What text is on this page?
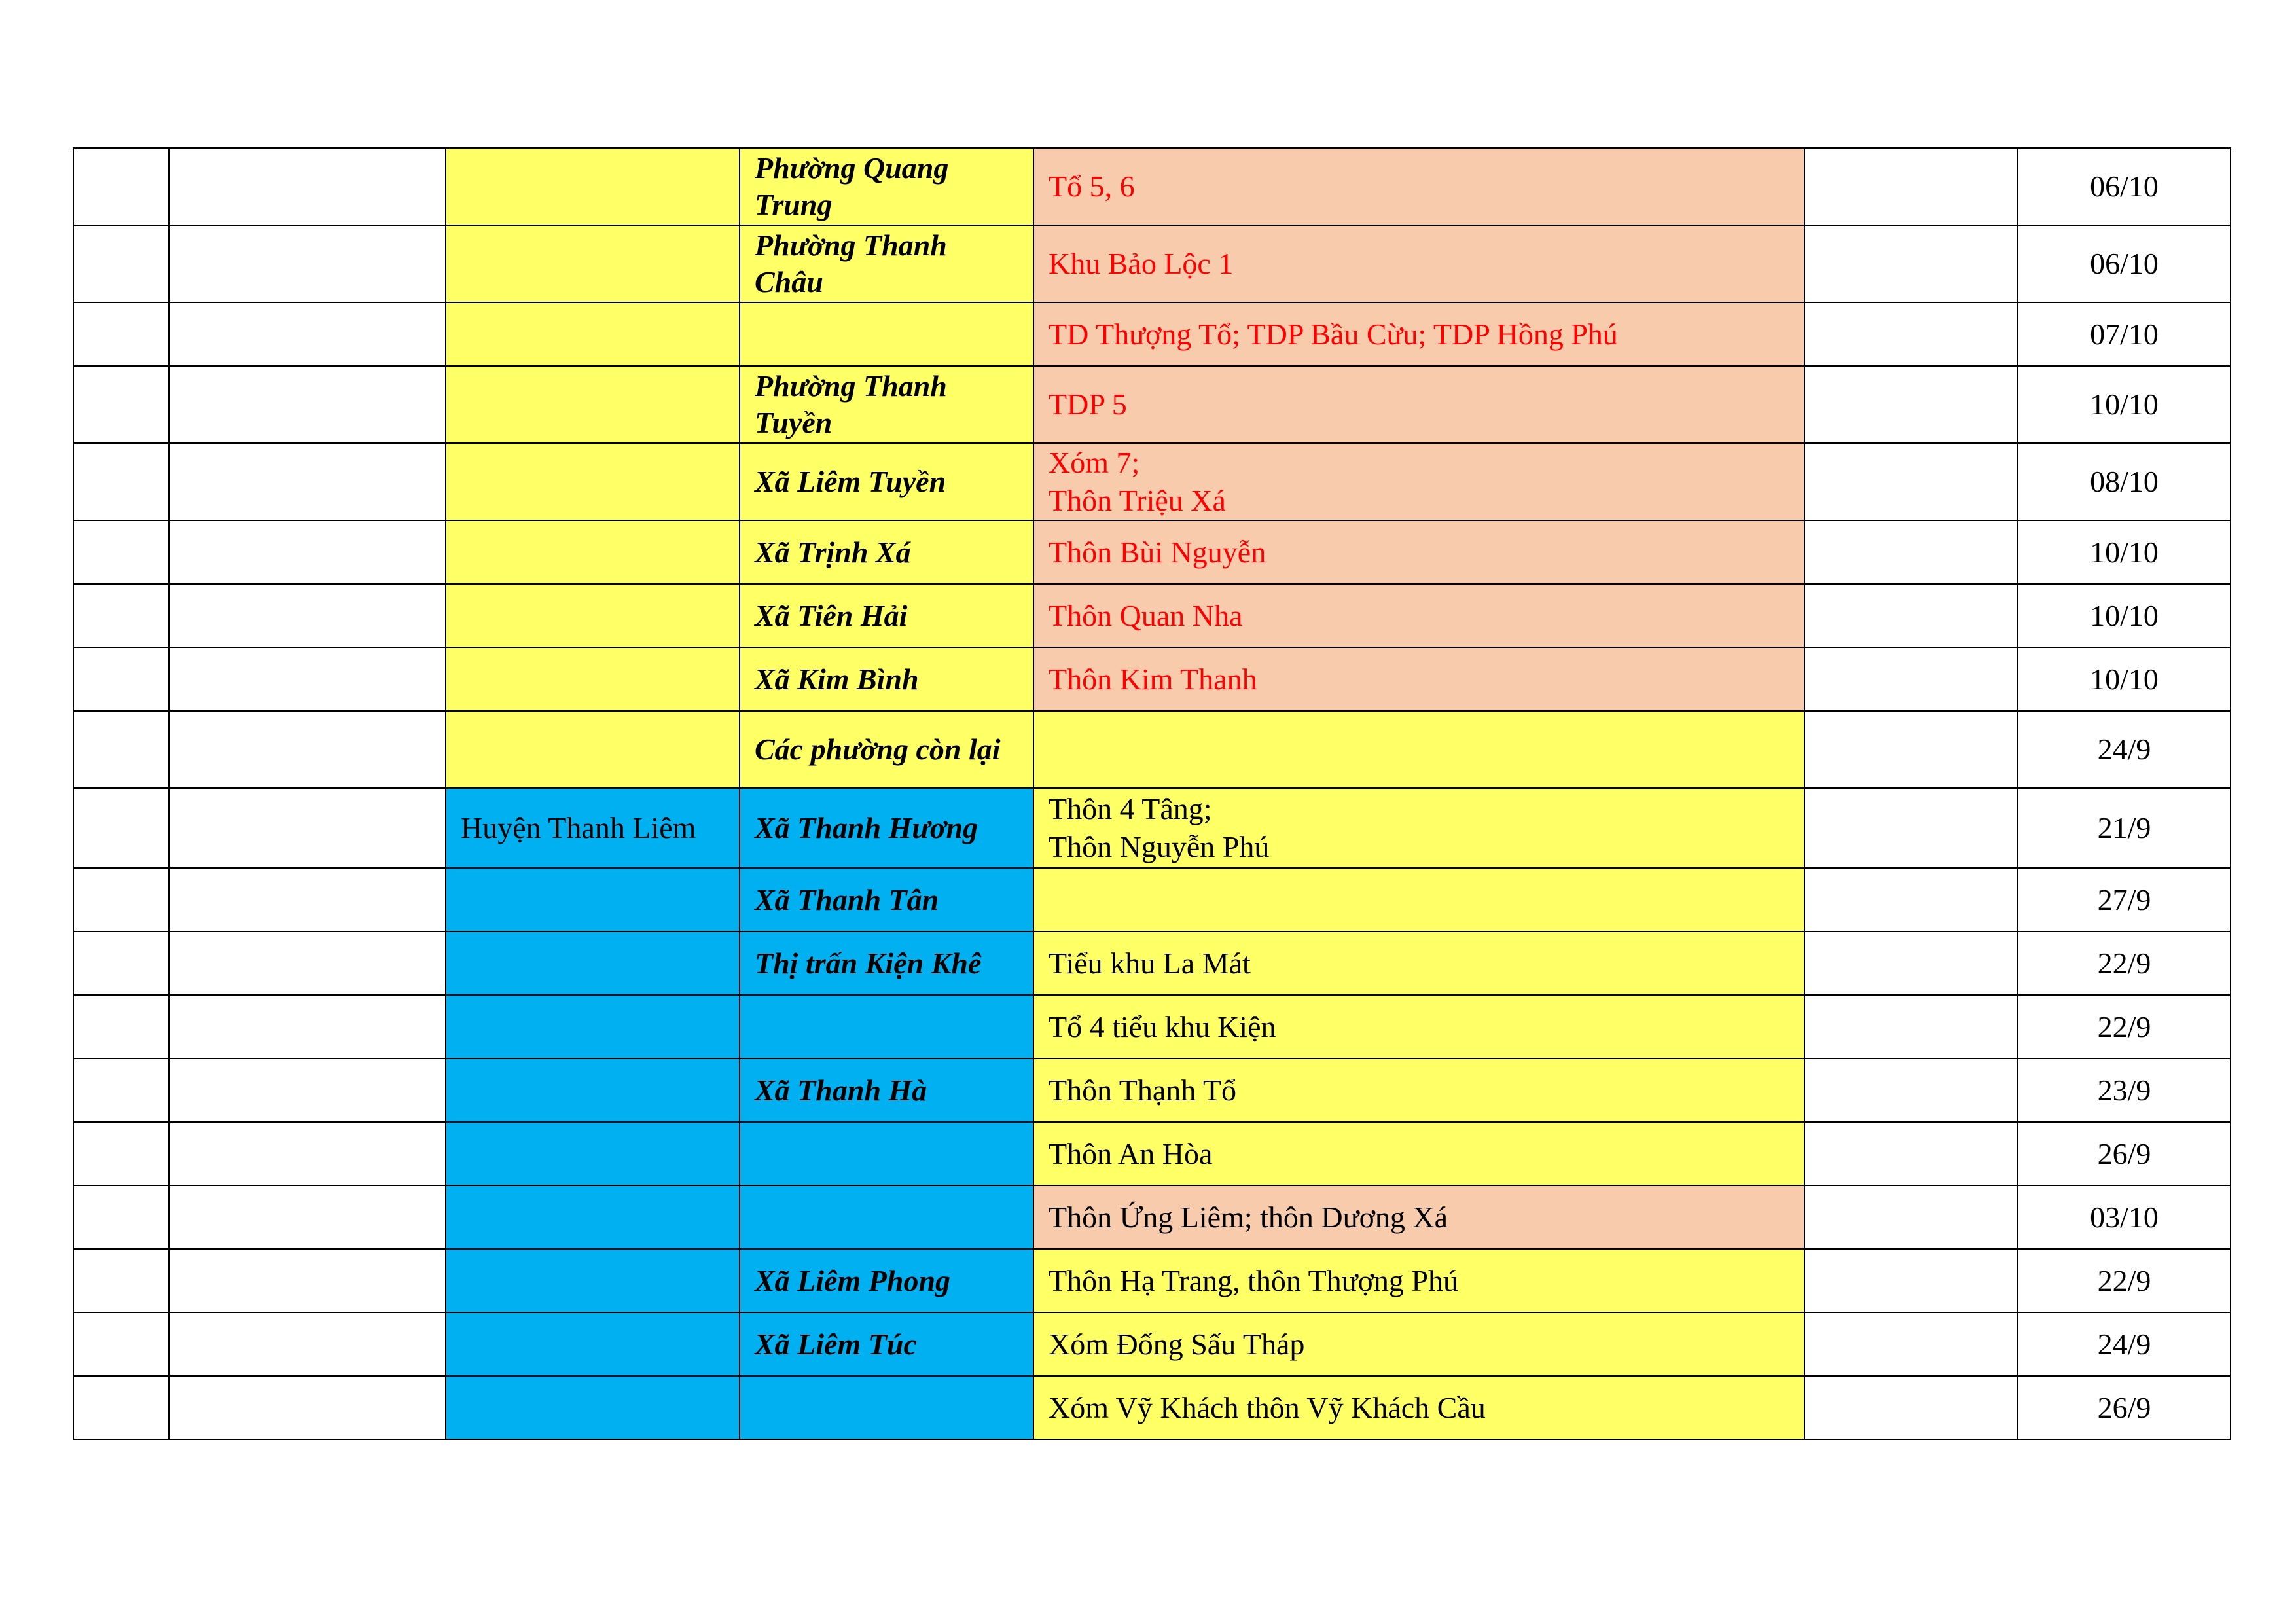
			Phường Quang Trung	Tổ 5, 6		06/10
			Phường Thanh Châu	Khu Bảo Lộc 1		06/10

				TD Thượng Tổ; TDP Bầu Cừu; TDP Hồng Phú		07/10
			Phường Thanh Tuyền	TDP 5		10/10
			Xã Liêm Tuyền	Xóm 7;
Thôn Triệu Xá		08/10
			Xã Trịnh Xá	Thôn Bùi Nguyễn		10/10
			Xã Tiên Hải	Thôn Quan Nha		10/10
			Xã Kim Bình	Thôn Kim Thanh		10/10
			Các phường còn lại			24/9
		Huyện Thanh Liêm	Xã Thanh Hương	Thôn 4 Tâng;
Thôn Nguyễn Phú		21/9
			Xã Thanh Tân			27/9
			Thị trấn Kiện Khê	Tiểu khu La Mát		22/9

				Tổ 4 tiểu khu Kiện		22/9
			Xã Thanh Hà	Thôn Thạnh Tổ		23/9

				Thôn An Hòa		26/9

				Thôn Ứng Liêm; thôn Dương Xá		03/10
			Xã Liêm Phong	Thôn Hạ Trang, thôn Thượng Phú		22/9
			Xã Liêm Túc	Xóm Đống Sấu Tháp		24/9

				Xóm Vỹ Khách thôn Vỹ Khách Cầu		26/9
